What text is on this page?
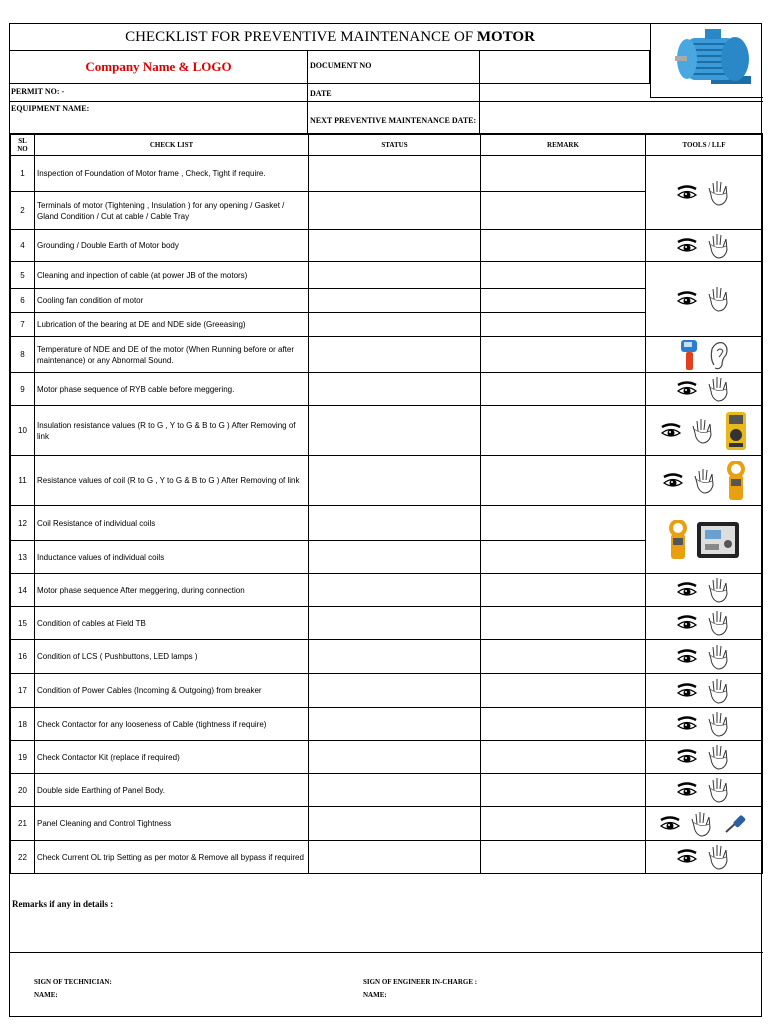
CHECKLIST FOR PREVENTIVE MAINTENANCE OF MOTOR
Company Name & LOGO	DOCUMENT NO
PERMIT NO: -	DATE
EQUIPMENT NAME:
NEXT PREVENTIVE MAINTENANCE DATE:
SL NO	CHECK LIST	STATUS	REMARK	TOOLS / LLF
1	Inspection of Foundation of Motor frame , Check, Tight if require.			
2	Terminals of motor (Tightening , Insulation ) for any opening / Gasket / Gland Condition / Cut at cable / Cable Tray			
4	Grounding / Double Earth of Motor body			
5	Cleaning and inpection of cable (at power JB of the motors)			
6	Cooling fan condition of motor			
7	Lubrication of the bearing at DE and NDE side (Greeasing)			
8	Temperature of NDE and DE of the motor (When Running before or after maintenance) or any Abnormal Sound.			
9	Motor phase sequence of RYB cable before meggering.			
10	Insulation resistance values (R to G , Y to G & B to G ) After Removing of link			
11	Resistance values of coil (R to G , Y to G & B to G ) After Removing of link			
12	Coil Resistance of individual coils			
13	Inductance values of individual coils			
14	Motor phase sequence After meggering, during connection			
15	Condition of cables at Field TB			
16	Condition of LCS ( Pushbuttons, LED lamps )			
17	Condition of Power Cables (Incoming & Outgoing) from breaker			
18	Check Contactor for any looseness of Cable (tightness if require)			
19	Check Contactor Kit (replace if required)			
20	Double side Earthing of Panel Body.			
21	Panel Cleaning and Control Tightness			
22	Check Current OL trip Setting as per motor & Remove all bypass if required			
Remarks if any in details :
SIGN OF TECHNICIAN:
NAME:
SIGN OF ENGINEER IN-CHARGE :
NAME:
